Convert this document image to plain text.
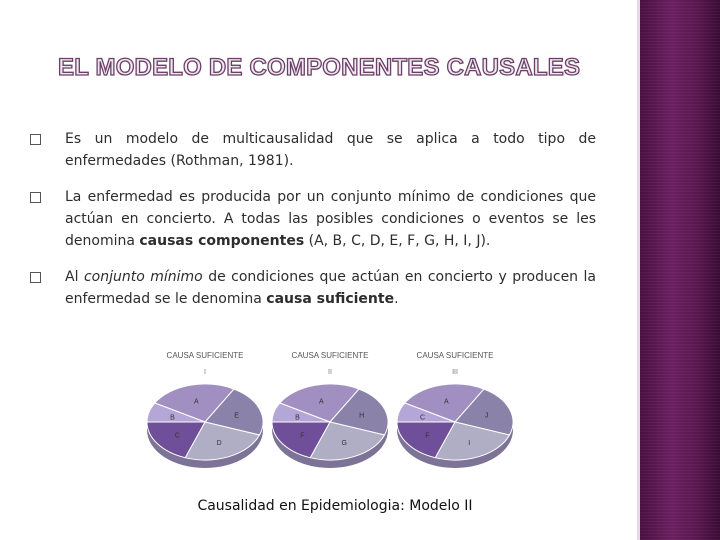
EL MODELO DE COMPONENTES CAUSALES
Es un modelo de multicausalidad que se aplica a todo tipo de enfermedades (Rothman, 1981).
La enfermedad es producida por un conjunto mínimo de condiciones que actúan en concierto. A todas las posibles condiciones o eventos se les denomina causas componentes (A, B, C, D, E, F, G, H, I, J).
Al conjunto mínimo de condiciones que actúan en concierto y producen la enfermedad se le denomina causa suficiente.
CAUSA SUFICIENTE
I
A
E
D
C
B
CAUSA SUFICIENTE
II
A
H
G
F
B
CAUSA SUFICIENTE
III
A
J
I
F
C
Causalidad en Epidemiologia: Modelo II
